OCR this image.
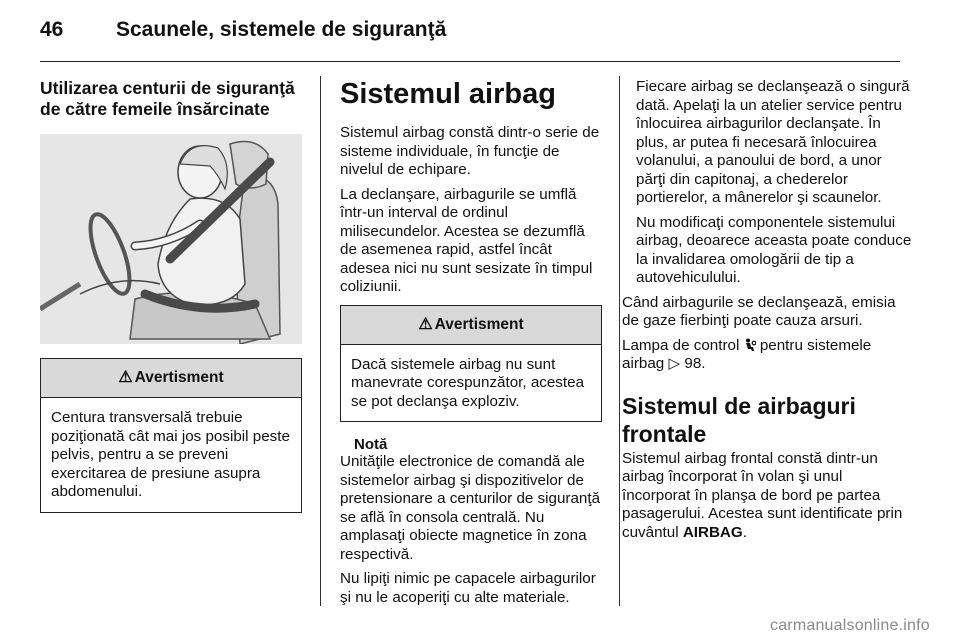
46	Scaunele, sistemele de siguranţă
Utilizarea centurii de siguranţă de către femeile însărcinate
⚠ Avertisment

Centura transversală trebuie poziţionată cât mai jos posibil peste pelvis, pentru a se preveni exercitarea de presiune asupra abdomenului.

Sistemul airbag

Sistemul airbag constă dintr-o serie de sisteme individuale, în funcţie de nivelul de echipare.

La declanşare, airbagurile se umflă într-un interval de ordinul milisecundelor. Acestea se dezumflă de asemenea rapid, astfel încât adesea nici nu sunt sesizate în timpul coliziunii.

⚠ Avertisment

Dacă sistemele airbag nu sunt manevrate corespunzător, acestea se pot declanşa exploziv.

Notă

Unităţile electronice de comandă ale sistemelor airbag şi dispozitivelor de pretensionare a centurilor de siguranţă se află în consola centrală. Nu amplasaţi obiecte magnetice în zona respectivă.

Nu lipiţi nimic pe capacele airbagurilor şi nu le acoperiţi cu alte materiale.

Fiecare airbag se declanşează o singură dată. Apelaţi la un atelier service pentru înlocuirea airbagurilor declanşate. În plus, ar putea fi necesară înlocuirea volanului, a panoului de bord, a unor părţi din capitonaj, a chederelor portierelor, a mânerelor şi scaunelor.

Nu modificaţi componentele sistemului airbag, deoarece aceasta poate conduce la invalidarea omologării de tip a autovehiculului.

Când airbagurile se declanşează, emisia de gaze fierbinţi poate cauza arsuri.

Lampa de control pentru sistemele airbag ▷ 98.

Sistemul de airbaguri frontale

Sistemul airbag frontal constă dintr-un airbag încorporat în volan şi unul încorporat în planşa de bord pe partea pasagerului. Acestea sunt identificate prin cuvântul AIRBAG.

carmanualsonline.info
